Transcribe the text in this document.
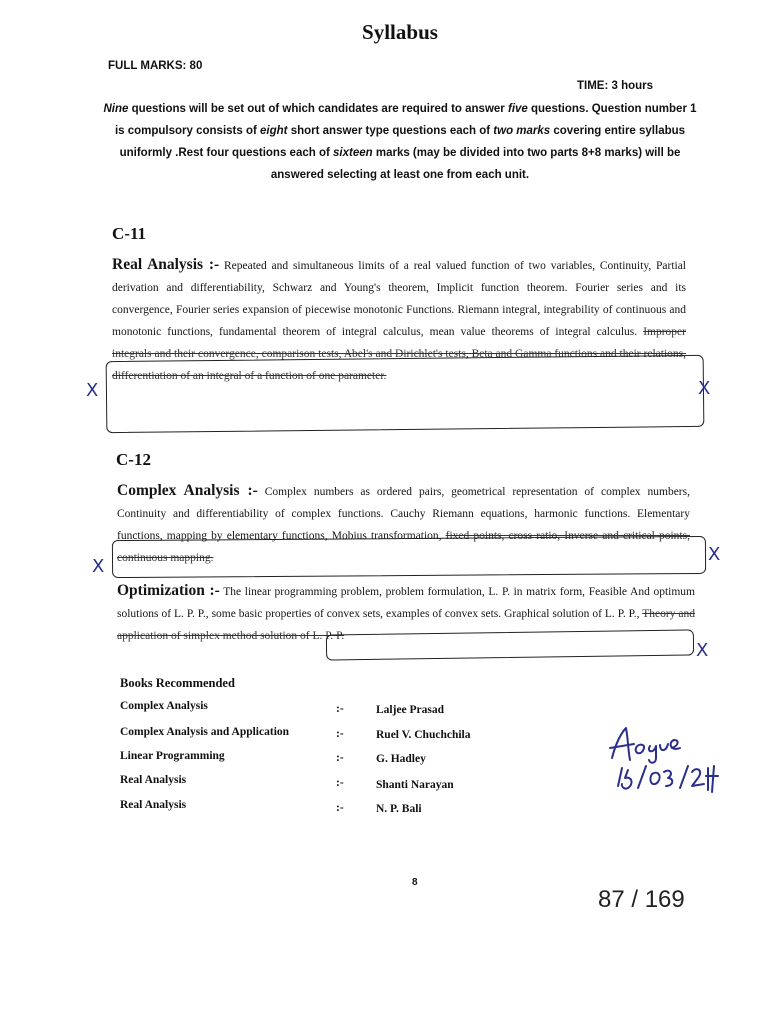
Syllabus
FULL MARKS: 80
TIME: 3 hours
Nine questions will be set out of which candidates are required to answer five questions. Question number 1 is compulsory consists of eight short answer type questions each of two marks covering entire syllabus uniformly .Rest four questions each of sixteen marks (may be divided into two parts 8+8 marks) will be answered selecting at least one from each unit.
C-11
Real Analysis :- Repeated and simultaneous limits of a real valued function of two variables, Continuity, Partial derivation and differentiability, Schwarz and Young's theorem, Implicit function theorem. Fourier series and its convergence, Fourier series expansion of piecewise monotonic Functions. Riemann integral, integrability of continuous and monotonic functions, fundamental theorem of integral calculus, mean value theorems of integral calculus. Improper integrals and their convergence, comparison tests, Abel's and Dirichlet's tests, Beta and Gamma functions and their relations, differentiation of an integral of a function of one parameter.
X	X
C-12
Complex Analysis :- Complex numbers as ordered pairs, geometrical representation of complex numbers, Continuity and differentiability of complex functions. Cauchy Riemann equations, harmonic functions. Elementary functions, mapping by elementary functions, Mobius transformation, fixed points, cross ratio, Inverse and critical points, continuous mapping.
X
X
Optimization :- The linear programming problem, problem formulation, L. P. in matrix form, Feasible And optimum solutions of L. P. P., some basic properties of convex sets, examples of convex sets. Graphical solution of L. P. P., Theory and application of simplex method solution of L. P. P.
X
Books Recommended
Complex Analysis	:-	Laljee Prasad
Complex Analysis and Application	:-	Ruel V. Chuchchila
Linear Programming	:-	G. Hadley
Real Analysis	:-	Shanti Narayan
Real Analysis	:-	N. P. Bali
8
87 / 169
